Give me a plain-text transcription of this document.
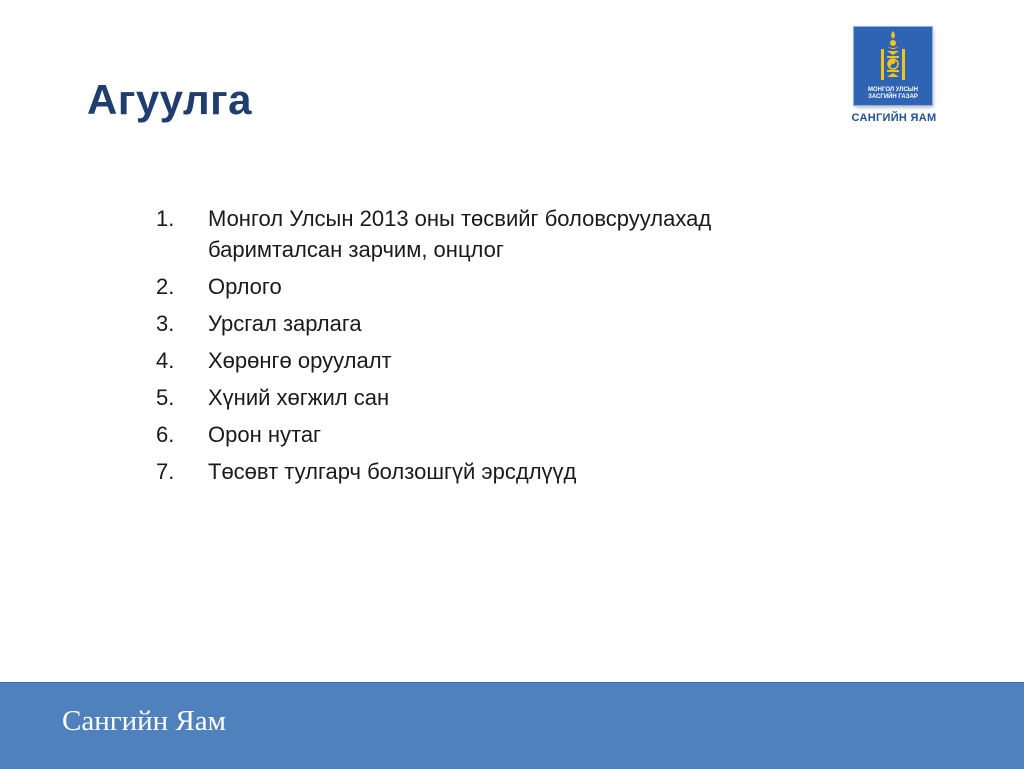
Агуулга	МОНГОЛ УЛСЫН
ЗАСГИЙН ГАЗАР
САНГИЙН ЯАМ
1. Монгол Улсын 2013 оны төсвийг боловсруулахад баримталсан зарчим, онцлог
2. Орлого
3. Урсгал зарлага
4. Хөрөнгө оруулалт
5. Хүний хөгжил сан
6. Орон нутаг
7. Төсөвт тулгарч болзошгүй эрсдлүүд
Сангийн Яам
